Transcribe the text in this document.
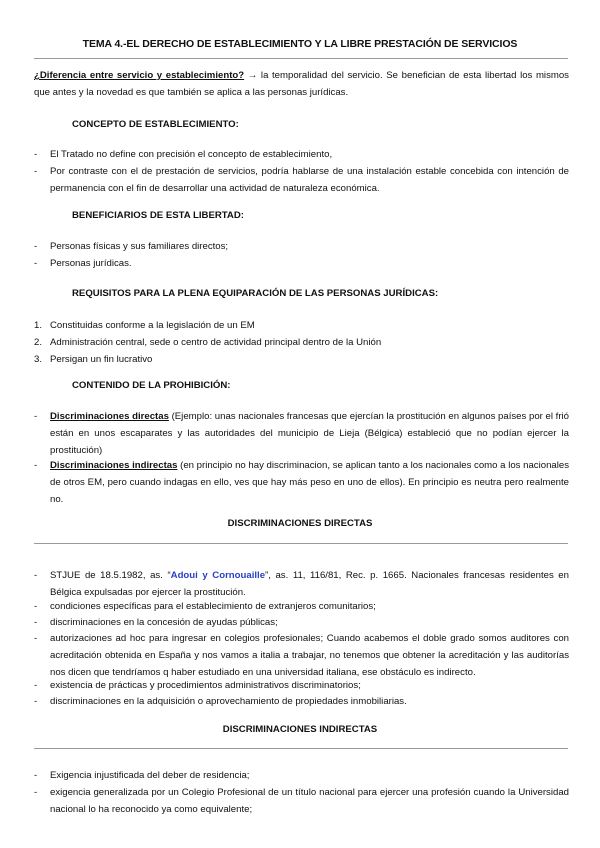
TEMA 4.-EL DERECHO DE ESTABLECIMIENTO Y LA LIBRE PRESTACIÓN DE SERVICIOS
¿Diferencia entre servicio y establecimiento? → la temporalidad del servicio. Se benefician de esta libertad los mismos que antes y la novedad es que también se aplica a las personas jurídicas.
CONCEPTO DE ESTABLECIMIENTO:
-	El Tratado no define con precisión el concepto de establecimiento,
-	Por contraste con el de prestación de servicios, podría hablarse de una instalación estable concebida con intención de permanencia con el fin de desarrollar una actividad de naturaleza económica.
BENEFICIARIOS DE ESTA LIBERTAD:
-	Personas físicas y sus familiares directos;
-	Personas jurídicas.
REQUISITOS PARA LA PLENA EQUIPARACIÓN DE LAS PERSONAS JURÍDICAS:
1. Constituidas conforme a la legislación de un EM
2. Administración central, sede o centro de actividad principal dentro de la Unión
3. Persigan un fin lucrativo
CONTENIDO DE LA PROHIBICIÓN:
-	Discriminaciones directas (Ejemplo: unas nacionales francesas que ejercían la prostitución en algunos países por el frió están en unos escaparates y las autoridades del municipio de Lieja (Bélgica) estableció que no podían ejercer la prostitución)
-	Discriminaciones indirectas (en principio no hay discriminacion, se aplican tanto a los nacionales como a los nacionales de otros EM, pero cuando indagas en ello, ves que hay más peso en uno de ellos). En principio es neutra pero realmente no.
DISCRIMINACIONES DIRECTAS
-	STJUE de 18.5.1982, as. “Adoui y Cornouaille”, as. 11, 116/81, Rec. p. 1665. Nacionales francesas residentes en Bélgica expulsadas por ejercer la prostitución.
-	condiciones específicas para el establecimiento de extranjeros comunitarios;
-	discriminaciones en la concesión de ayudas públicas;
-	autorizaciones ad hoc para ingresar en colegios profesionales; Cuando acabemos el doble grado somos auditores con acreditación obtenida en España y nos vamos a italia a trabajar, no tenemos que obtener la acreditación y las auditorías nos dicen que tendríamos q haber estudiado en una universidad italiana, ese obstáculo es indirecto.
-	existencia de prácticas y procedimientos administrativos discriminatorios;
-	discriminaciones en la adquisición o aprovechamiento de propiedades inmobiliarias.
DISCRIMINACIONES INDIRECTAS
-	Exigencia injustificada del deber de residencia;
-	exigencia generalizada por un Colegio Profesional de un título nacional para ejercer una profesión cuando la Universidad nacional lo ha reconocido ya como equivalente;
